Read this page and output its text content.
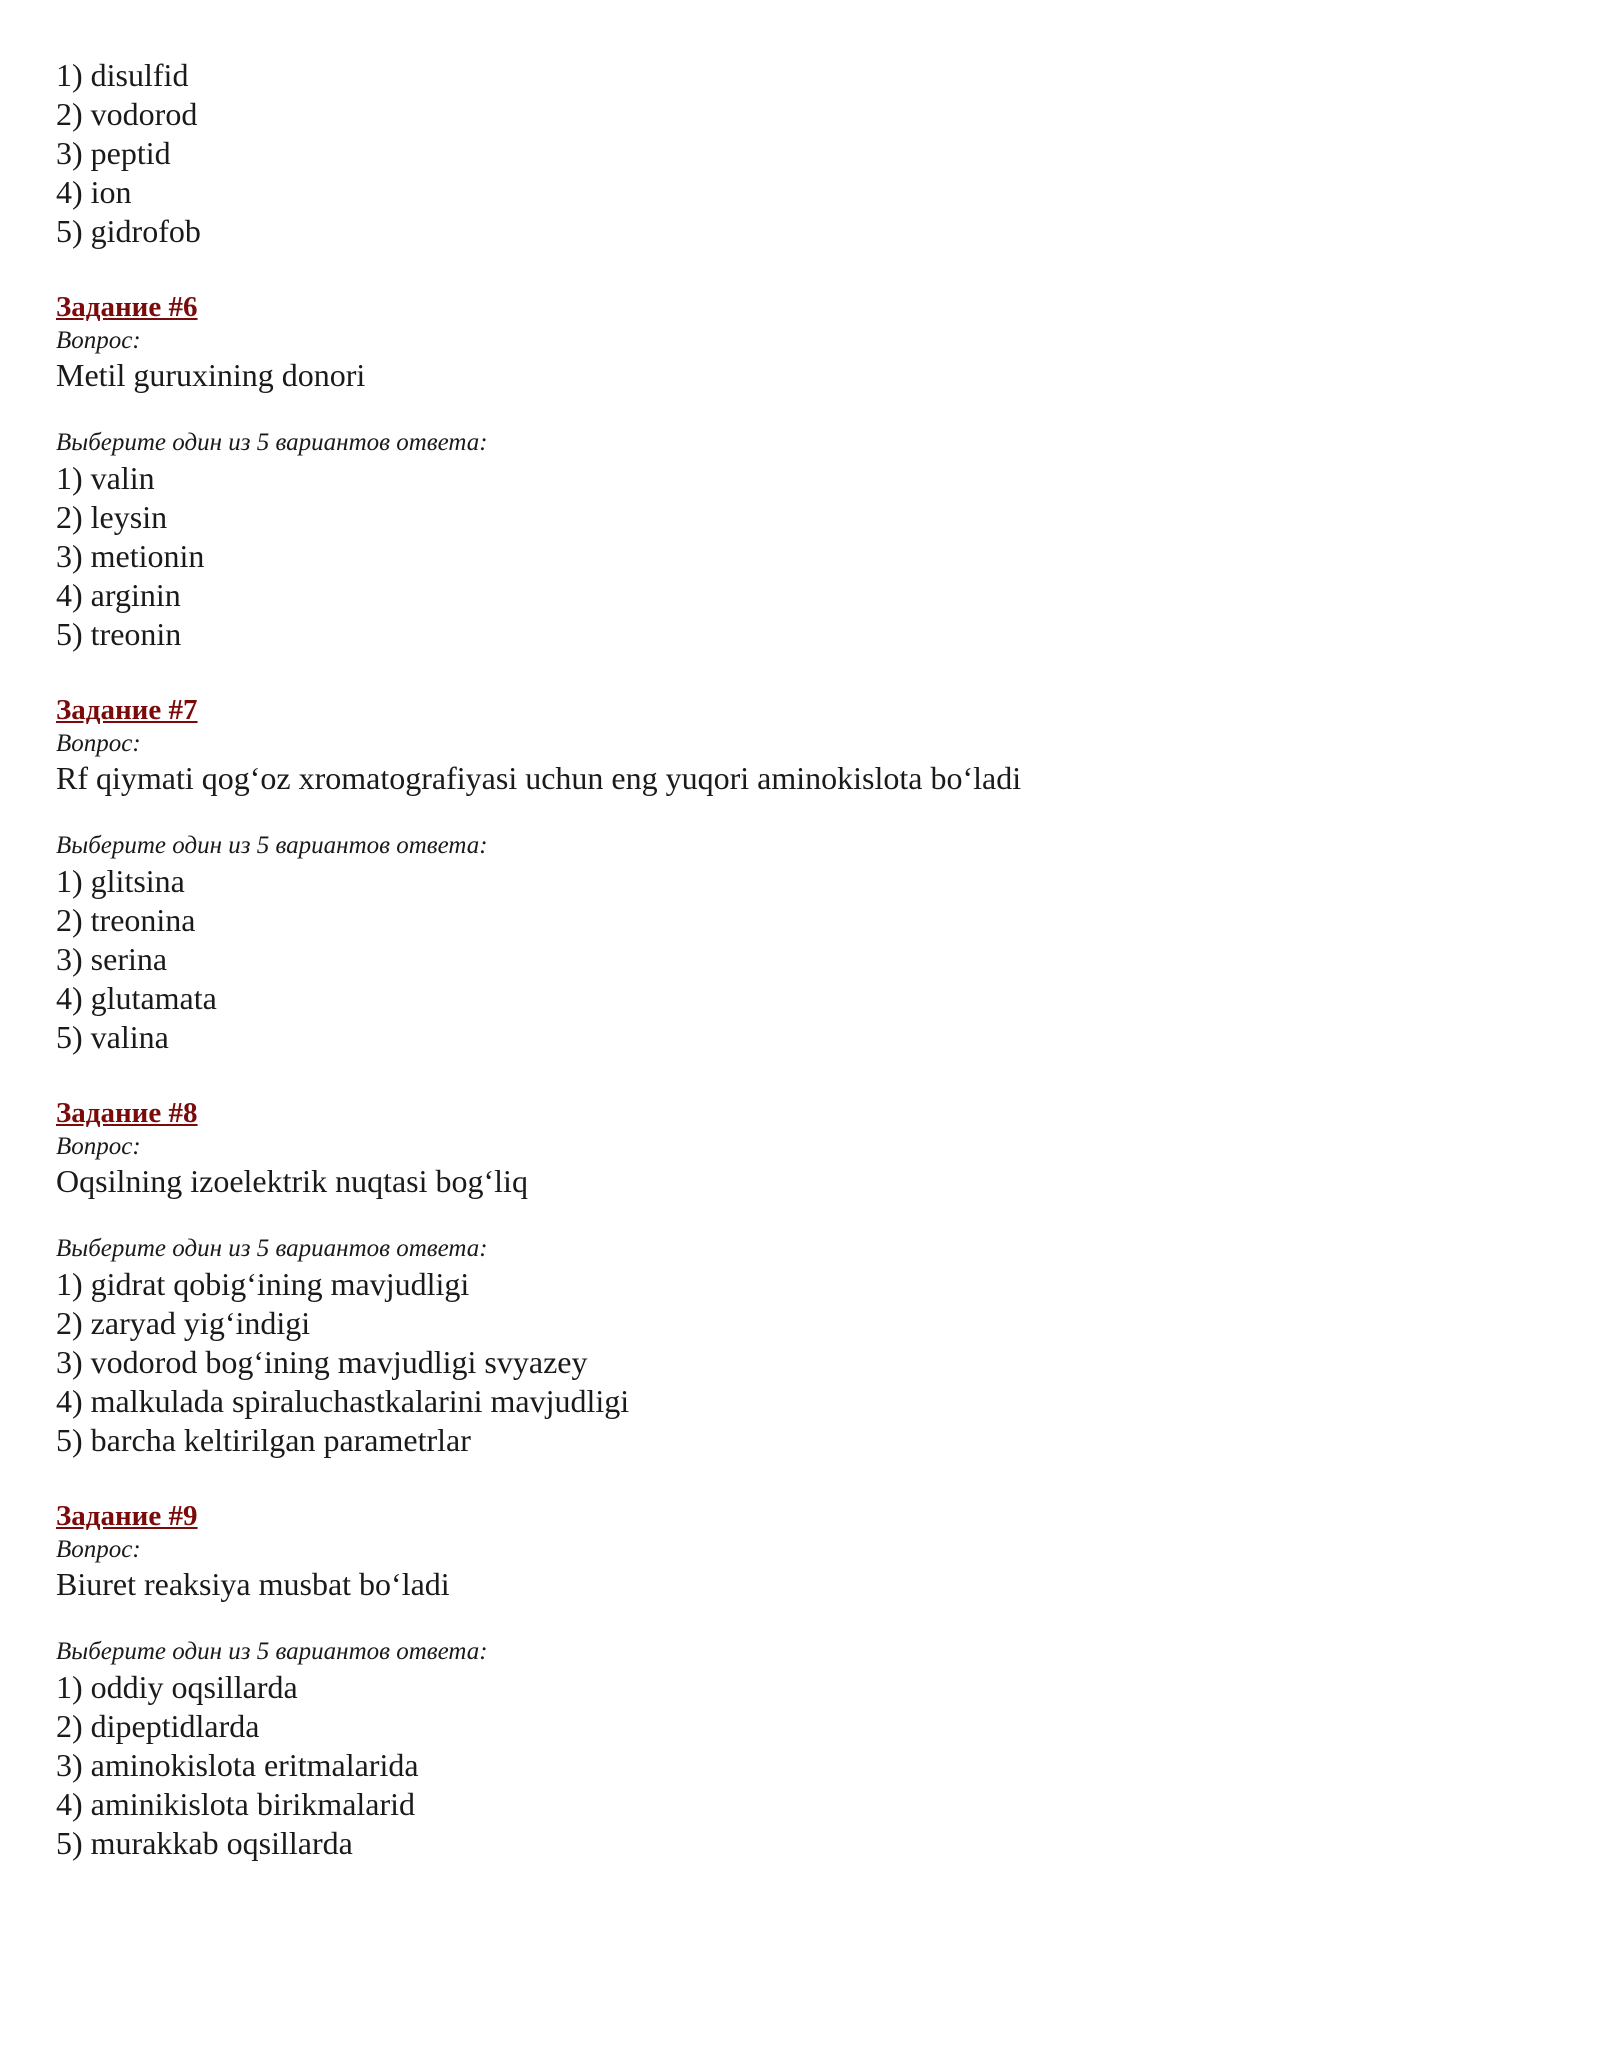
1) disulfid
2) vodorod
3) peptid
4) ion
5) gidrofob
Задание #6
Вопрос:
Metil guruxining donori
Выберите один из 5 вариантов ответа:
1) valin
2) leysin
3) metionin
4) arginin
5) treonin
Задание #7
Вопрос:
Rf qiymati qog‘oz xromatografiyasi uchun eng yuqori aminokislota bo‘ladi
Выберите один из 5 вариантов ответа:
1) glitsina
2) treonina
3) serina
4) glutamata
5) valina
Задание #8
Вопрос:
Oqsilning izoelektrik nuqtasi bog‘liq
Выберите один из 5 вариантов ответа:
1) gidrat qobig‘ining mavjudligi
2) zaryad yig‘indigi
3) vodorod bog‘ining mavjudligi svyazey
4) malkulada spiraluchastkalarini mavjudligi
5) barcha keltirilgan parametrlar
Задание #9
Вопрос:
Biuret reaksiya musbat bo‘ladi
Выберите один из 5 вариантов ответа:
1) oddiy oqsillarda
2) dipeptidlarda
3) aminokislota eritmalarida
4) aminikislota birikmalarid
5) murakkab oqsillarda
